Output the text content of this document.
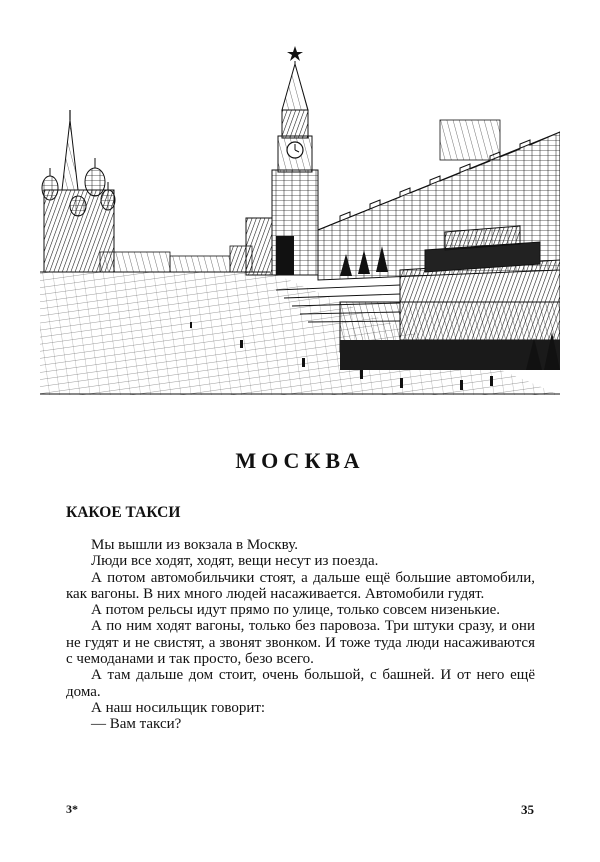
МОСКВА
КАКОЕ ТАКСИ

Мы вышли из вокзала в Москву.

Люди все ходят, ходят, вещи несут из поезда.

А потом автомобильчики стоят, а дальше ещё большие автомобили, как вагоны. В них много людей насаживается. Автомобили гудят.

А потом рельсы идут прямо по улице, только совсем низенькие.

А по ним ходят вагоны, только без паровоза. Три штуки сразу, и они не гудят и не свистят, а звонят звонком. И тоже туда люди насаживаются с чемоданами и так просто, безо всего.

А там дальше дом стоит, очень большой, с башней. И от него ещё дома.

А наш носильщик говорит:

— Вам такси?

3*	35
